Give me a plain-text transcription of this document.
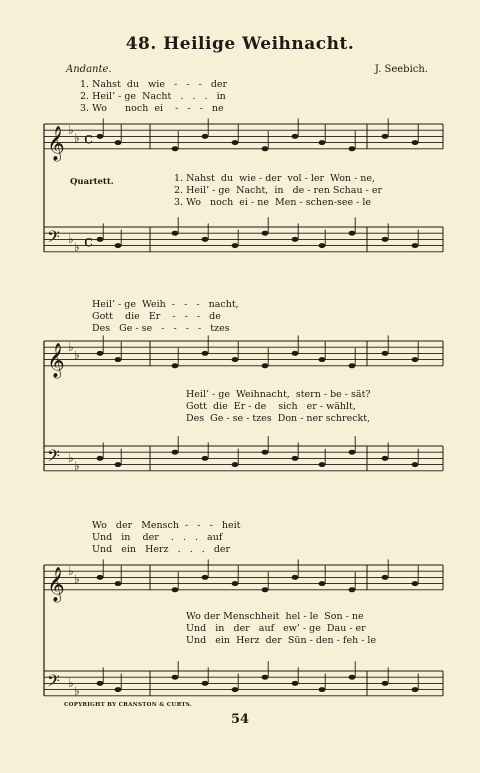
48. Heilige Weihnacht.
Andante.	J. Seebich.
1. Nahst  du   wie   ‑   ‑   ‑   der
2. Heil’ ‑ ge  Nacht   .   .   .   in
3. Wo      noch  ei    ‑   ‑   ‑   ne
Quartett.	1. Nahst  du  wie ‑ der  vol ‑ ler  Won ‑ ne,
2. Heil’ ‑ ge  Nacht,  in   de ‑ ren Schau ‑ er
3. Wo   noch  ei ‑ ne  Men ‑ schen‑see ‑ le
Heil’ ‑ ge  Weih  ‑   ‑   ‑   nacht,
Gott    die   Er    ‑   ‑   ‑   de
Des   Ge ‑ se   ‑   ‑   ‑   ‑   tzes
Heil’ ‑ ge  Weihnacht,  stern ‑ be ‑ sät?
Gott  die  Er ‑ de    sich   er ‑ wählt,
Des  Ge ‑ se ‑ tzes  Don ‑ ner schreckt,
Wo   der   Mensch  ‑   ‑   ‑   heit
Und   in    der    .   .   .   auf
Und   ein   Herz   .   .   .   der
Wo der Menschheit  hel ‑ le  Son ‑ ne
Und   in   der   auf   ew’ ‑ ge  Dau ‑ er
Und   ein  Herz  der  Sün ‑ den ‑ feh ‑ le
𝄞
𝄢
♭
♭
♭
♭
c
c
𝄞
𝄢
♭
♭
♭
♭
𝄞
𝄢
♭
♭
♭
♭
COPYRIGHT BY CRANSTON & CURTS.
54
